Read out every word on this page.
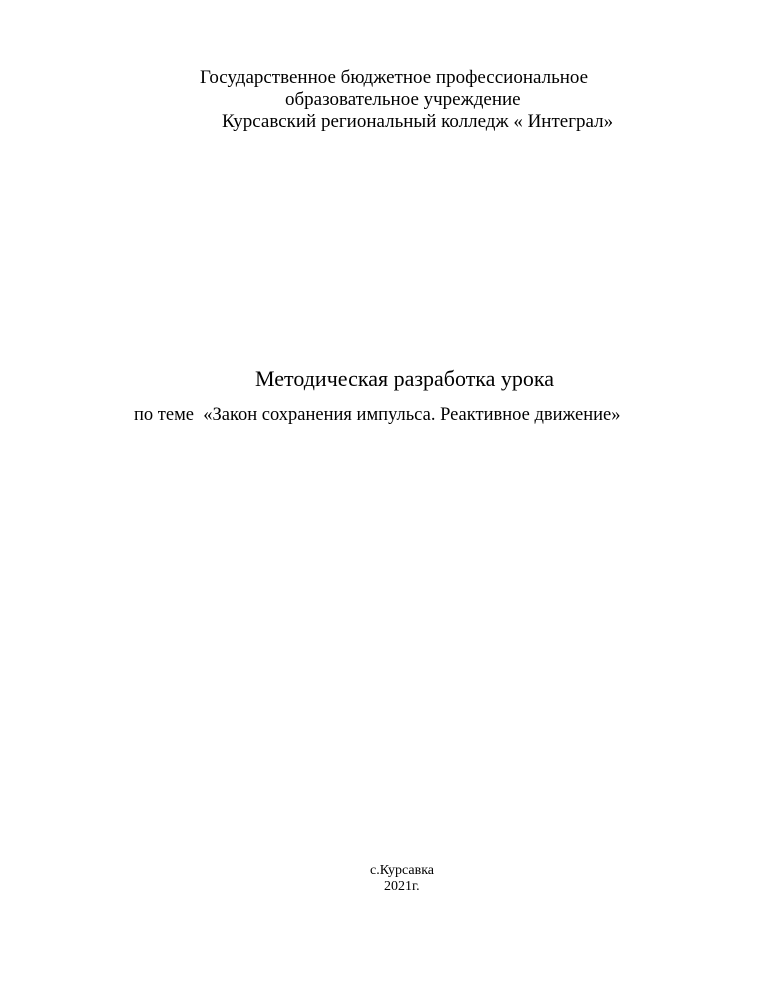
Государственное бюджетное профессиональное
образовательное учреждение
Курсавский региональный колледж « Интеграл»
Методическая разработка урока
по теме «Закон сохранения импульса. Реактивное движение»
с.Курсавка
2021г.
